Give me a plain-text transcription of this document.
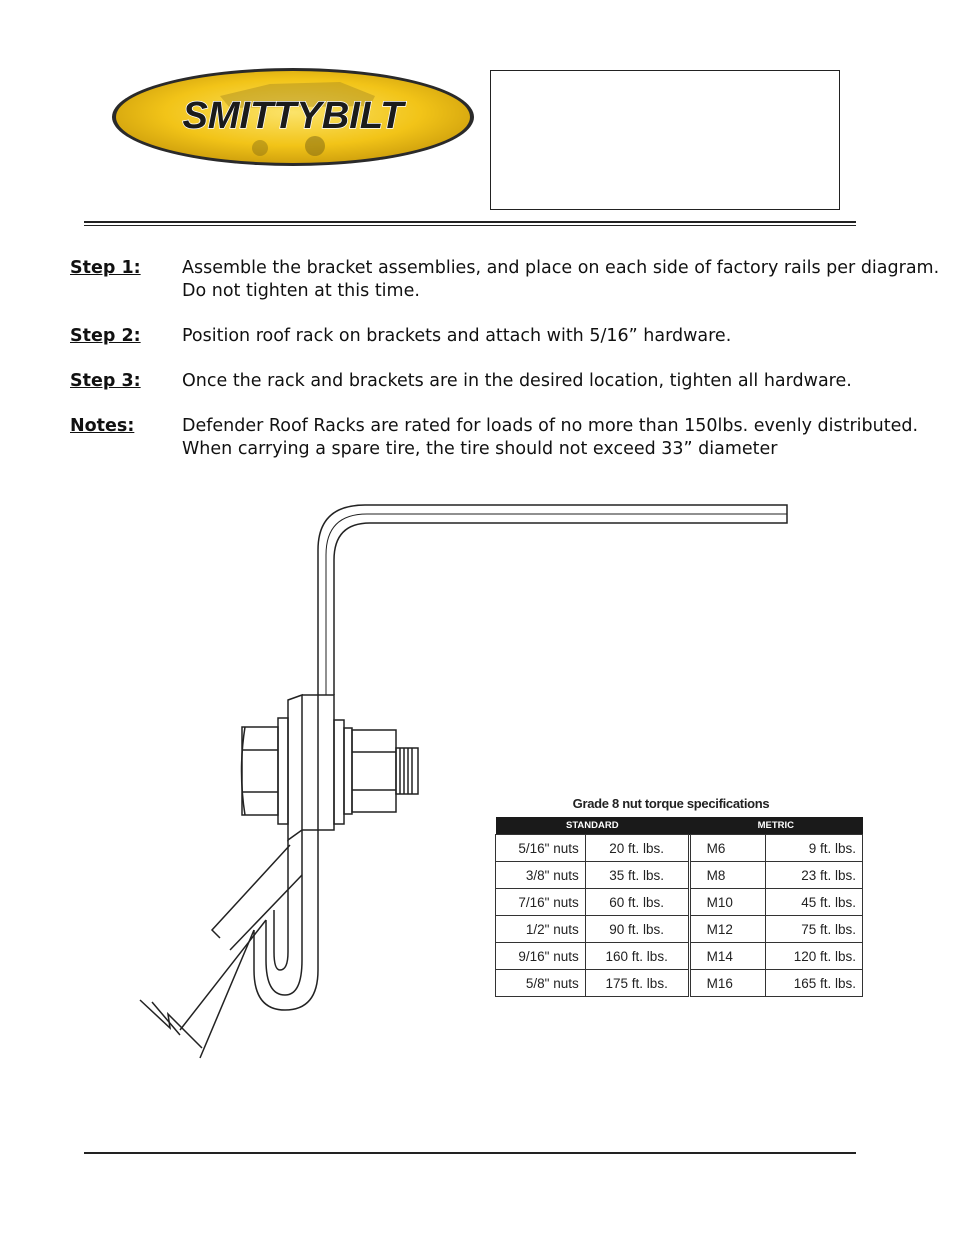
SMITTYBILT
Step 1:	Assemble the bracket assemblies, and place on each side of factory rails per diagram.
Do not tighten at this time.
Step 2:	Position roof rack on brackets and attach with 5/16” hardware.
Step 3:	Once the rack and brackets are in the desired location, tighten all hardware.
Notes:	Defender Roof Racks are rated for loads of no more than 150lbs. evenly distributed.
When carrying a spare tire, the tire should not exceed 33” diameter
Grade 8 nut torque specifications
STANDARD		METRIC	
5/16" nuts	20 ft. lbs.	M6	9 ft. lbs.
3/8" nuts	35 ft. lbs.	M8	23 ft. lbs.
7/16" nuts	60 ft. lbs.	M10	45 ft. lbs.
1/2" nuts	90 ft. lbs.	M12	75 ft. lbs.
9/16" nuts	160 ft. lbs.	M14	120 ft. lbs.
5/8" nuts	175 ft. lbs.	M16	165 ft. lbs.
